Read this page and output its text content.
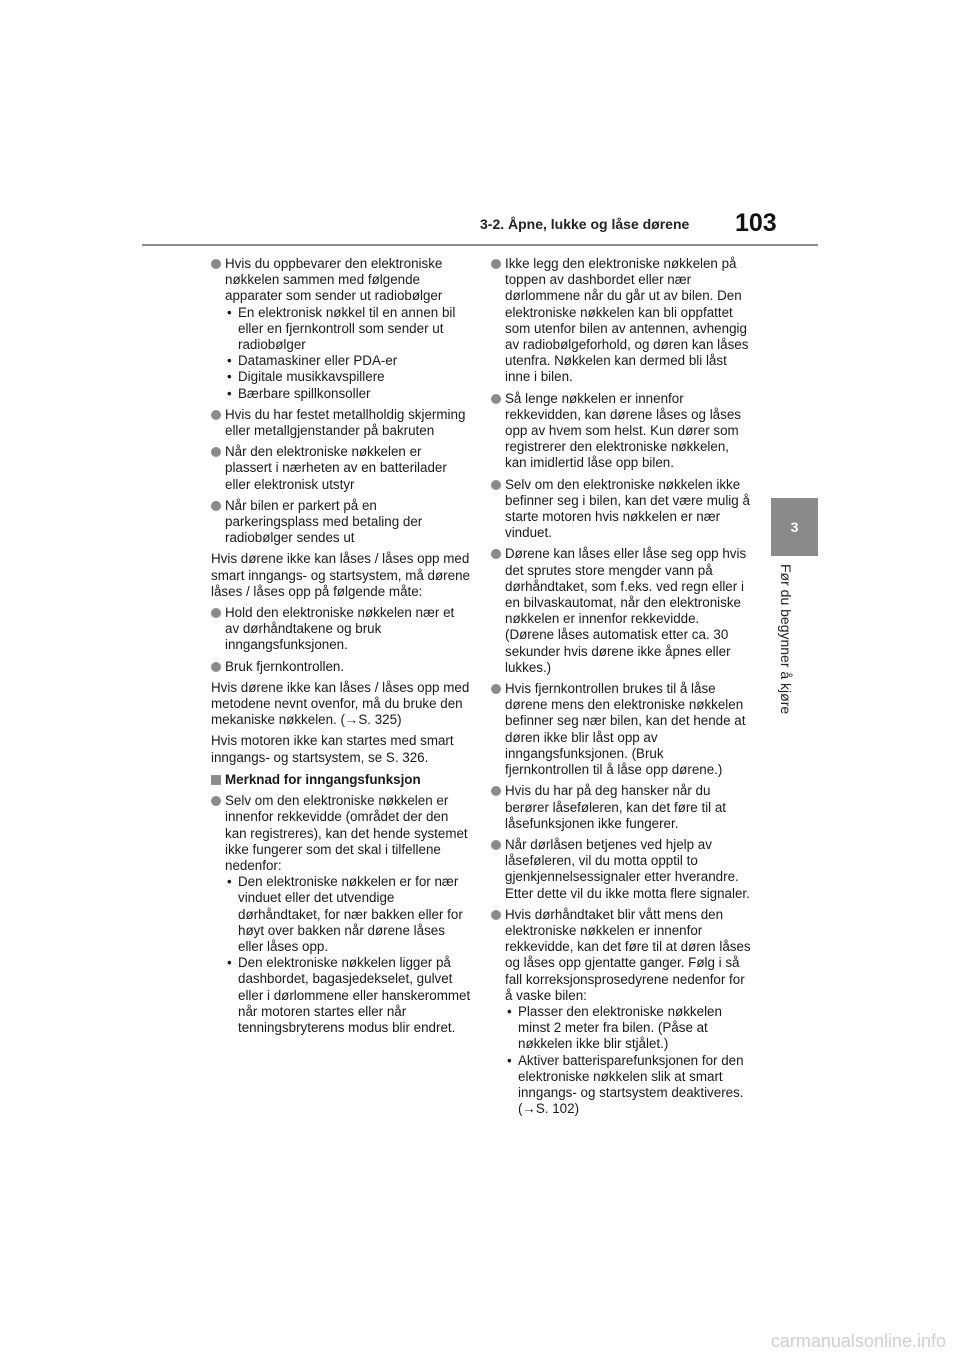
3-2. Åpne, lukke og låse dørene 103
3
Før du begynner å kjøre
Hvis du oppbevarer den elektroniske nøkkelen sammen med følgende apparater som sender ut radiobølger
• En elektronisk nøkkel til en annen bil eller en fjernkontroll som sender ut radiobølger
• Datamaskiner eller PDA-er
• Digitale musikkavspillere
• Bærbare spillkonsoller
Hvis du har festet metallholdig skjerming eller metallgjenstander på bakruten
Når den elektroniske nøkkelen er plassert i nærheten av en batterilader eller elektronisk utstyr
Når bilen er parkert på en parkeringsplass med betaling der radiobølger sendes ut
Hvis dørene ikke kan låses / låses opp med smart inngangs- og startsystem, må dørene låses / låses opp på følgende måte:
Hold den elektroniske nøkkelen nær et av dørhåndtakene og bruk inngangsfunksjonen.
Bruk fjernkontrollen.
Hvis dørene ikke kan låses / låses opp med metodene nevnt ovenfor, må du bruke den mekaniske nøkkelen. (→S. 325)
Hvis motoren ikke kan startes med smart inngangs- og startsystem, se S. 326.
Merknad for inngangsfunksjon
Selv om den elektroniske nøkkelen er innenfor rekkevidde (området der den kan registreres), kan det hende systemet ikke fungerer som det skal i tilfellene nedenfor:
• Den elektroniske nøkkelen er for nær vinduet eller det utvendige dørhåndtaket, for nær bakken eller for høyt over bakken når dørene låses eller låses opp.
• Den elektroniske nøkkelen ligger på dashbordet, bagasjedekselet, gulvet eller i dørlommene eller hanskerommet når motoren startes eller når tenningsbryterens modus blir endret.
Ikke legg den elektroniske nøkkelen på toppen av dashbordet eller nær dørlommene når du går ut av bilen. Den elektroniske nøkkelen kan bli oppfattet som utenfor bilen av antennen, avhengig av radiobølgeforhold, og døren kan låses utenfra. Nøkkelen kan dermed bli låst inne i bilen.
Så lenge nøkkelen er innenfor rekkevidden, kan dørene låses og låses opp av hvem som helst. Kun dører som registrerer den elektroniske nøkkelen, kan imidlertid låse opp bilen.
Selv om den elektroniske nøkkelen ikke befinner seg i bilen, kan det være mulig å starte motoren hvis nøkkelen er nær vinduet.
Dørene kan låses eller låse seg opp hvis det sprutes store mengder vann på dørhåndtaket, som f.eks. ved regn eller i en bilvaskautomat, når den elektroniske nøkkelen er innenfor rekkevidde. (Dørene låses automatisk etter ca. 30 sekunder hvis dørene ikke åpnes eller lukkes.)
Hvis fjernkontrollen brukes til å låse dørene mens den elektroniske nøkkelen befinner seg nær bilen, kan det hende at døren ikke blir låst opp av inngangsfunksjonen. (Bruk fjernkontrollen til å låse opp dørene.)
Hvis du har på deg hansker når du berører låseføleren, kan det føre til at låsefunksjonen ikke fungerer.
Når dørlåsen betjenes ved hjelp av låseføleren, vil du motta opptil to gjenkjennelsessignaler etter hverandre. Etter dette vil du ikke motta flere signaler.
Hvis dørhåndtaket blir vått mens den elektroniske nøkkelen er innenfor rekkevidde, kan det føre til at døren låses og låses opp gjentatte ganger. Følg i så fall korreksjonsprosedyrene nedenfor for å vaske bilen:
• Plasser den elektroniske nøkkelen minst 2 meter fra bilen. (Påse at nøkkelen ikke blir stjålet.)
• Aktiver batterisparefunksjonen for den elektroniske nøkkelen slik at smart inngangs- og startsystem deaktiveres. (→S. 102)
carmanualsonline.info
